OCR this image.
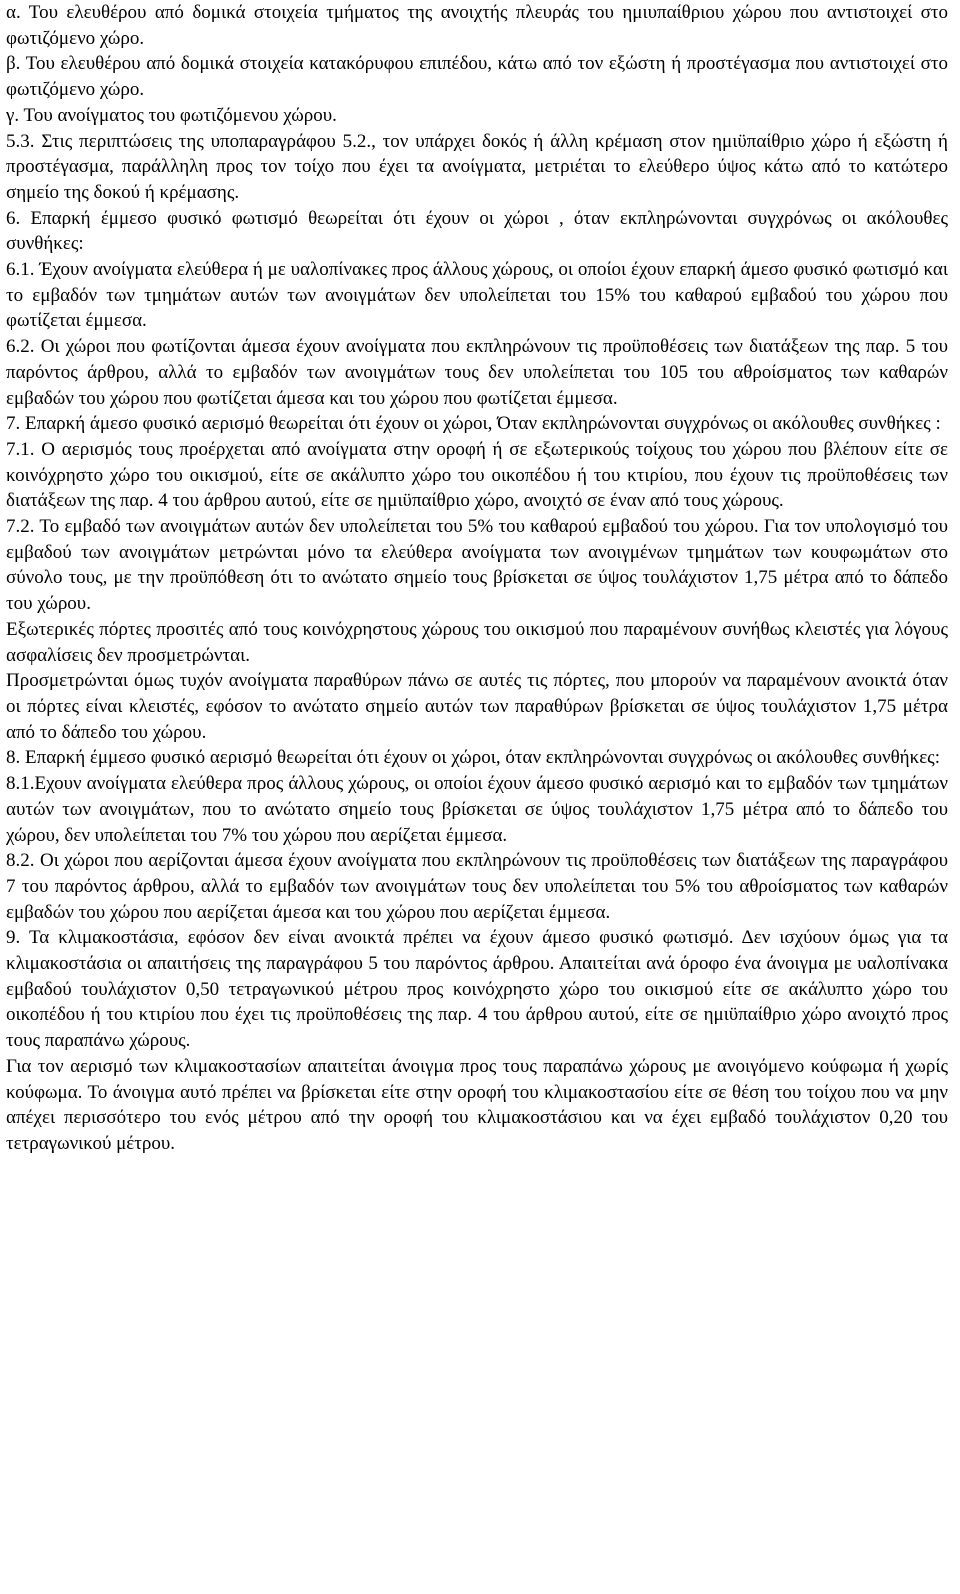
α. Του ελευθέρου από δομικά στοιχεία τμήματος της ανοιχτής πλευράς του ημιυπαίθριου χώρου που αντιστοιχεί στο φωτιζόμενο χώρο.

β. Του ελευθέρου από δομικά στοιχεία κατακόρυφου επιπέδου, κάτω από τον εξώστη ή προστέγασμα που αντιστοιχεί στο φωτιζόμενο χώρο.

γ. Του ανοίγματος του φωτιζόμενου χώρου.

5.3. Στις περιπτώσεις της υποπαραγράφου 5.2., τον υπάρχει δοκός ή άλλη κρέμαση στον ημιϋπαίθριο χώρο ή εξώστη ή προστέγασμα, παράλληλη προς τον τοίχο που έχει τα ανοίγματα, μετριέται το ελεύθερο ύψος κάτω από το κατώτερο σημείο της δοκού ή κρέμασης.

6. Επαρκή έμμεσο φυσικό φωτισμό θεωρείται ότι έχουν οι χώροι , όταν εκπληρώνονται συγχρόνως οι ακόλουθες συνθήκες:

6.1. Έχουν ανοίγματα ελεύθερα ή με υαλοπίνακες προς άλλους χώρους, οι οποίοι έχουν επαρκή άμεσο φυσικό φωτισμό και το εμβαδόν των τμημάτων αυτών των ανοιγμάτων δεν υπολείπεται του 15% του καθαρού εμβαδού του χώρου που φωτίζεται έμμεσα.

6.2. Οι χώροι που φωτίζονται άμεσα έχουν ανοίγματα που εκπληρώνουν τις προϋποθέσεις των διατάξεων της παρ. 5 του παρόντος άρθρου, αλλά το εμβαδόν των ανοιγμάτων τους δεν υπολείπεται του 105 του αθροίσματος των καθαρών εμβαδών του χώρου που φωτίζεται άμεσα και του χώρου που φωτίζεται έμμεσα.

7. Επαρκή άμεσο φυσικό αερισμό θεωρείται ότι έχουν οι χώροι, Όταν εκπληρώνονται συγχρόνως οι ακόλουθες συνθήκες :

7.1. Ο αερισμός τους προέρχεται από ανοίγματα στην οροφή ή σε εξωτερικούς τοίχους του χώρου που βλέπουν είτε σε κοινόχρηστο χώρο του οικισμού, είτε σε ακάλυπτο χώρο του οικοπέδου ή του κτιρίου, που έχουν τις προϋποθέσεις των διατάξεων της παρ. 4 του άρθρου αυτού, είτε σε ημιϋπαίθριο χώρο, ανοιχτό σε έναν από τους χώρους.

7.2. Το εμβαδό των ανοιγμάτων αυτών δεν υπολείπεται του 5% του καθαρού εμβαδού του χώρου. Για τον υπολογισμό του εμβαδού των ανοιγμάτων μετρώνται μόνο τα ελεύθερα ανοίγματα των ανοιγμένων τμημάτων των κουφωμάτων στο σύνολο τους, με την προϋπόθεση ότι το ανώτατο σημείο τους βρίσκεται σε ύψος τουλάχιστον 1,75 μέτρα από το δάπεδο του χώρου.

Εξωτερικές πόρτες προσιτές από τους κοινόχρηστους χώρους του οικισμού που παραμένουν συνήθως κλειστές για λόγους ασφαλίσεις δεν προσμετρώνται.

Προσμετρώνται όμως τυχόν ανοίγματα παραθύρων πάνω σε αυτές τις πόρτες, που μπορούν να παραμένουν ανοικτά όταν οι πόρτες είναι κλειστές, εφόσον το ανώτατο σημείο αυτών των παραθύρων βρίσκεται σε ύψος τουλάχιστον 1,75 μέτρα από το δάπεδο του χώρου.

8. Επαρκή έμμεσο φυσικό αερισμό θεωρείται ότι έχουν οι χώροι, όταν εκπληρώνονται συγχρόνως οι ακόλουθες συνθήκες:

8.1.Εχουν ανοίγματα ελεύθερα προς άλλους χώρους, οι οποίοι έχουν άμεσο φυσικό αερισμό και το εμβαδόν των τμημάτων αυτών των ανοιγμάτων, που το ανώτατο σημείο τους βρίσκεται σε ύψος τουλάχιστον 1,75 μέτρα από το δάπεδο του χώρου, δεν υπολείπεται του 7% του χώρου που αερίζεται έμμεσα.

8.2. Οι χώροι που αερίζονται άμεσα έχουν ανοίγματα που εκπληρώνουν τις προϋποθέσεις των διατάξεων της παραγράφου 7 του παρόντος άρθρου, αλλά το εμβαδόν των ανοιγμάτων τους δεν υπολείπεται του 5% του αθροίσματος των καθαρών εμβαδών του χώρου που αερίζεται άμεσα και του χώρου που αερίζεται έμμεσα.

9. Τα κλιμακοστάσια, εφόσον δεν είναι ανοικτά πρέπει να έχουν άμεσο φυσικό φωτισμό. Δεν ισχύουν όμως για τα κλιμακοστάσια οι απαιτήσεις της παραγράφου 5 του παρόντος άρθρου. Απαιτείται ανά όροφο ένα άνοιγμα με υαλοπίνακα εμβαδού τουλάχιστον 0,50 τετραγωνικού μέτρου προς κοινόχρηστο χώρο του οικισμού είτε σε ακάλυπτο χώρο του οικοπέδου ή του κτιρίου που έχει τις προϋποθέσεις της παρ. 4 του άρθρου αυτού, είτε σε ημιϋπαίθριο χώρο ανοιχτό προς τους παραπάνω χώρους.

Για τον αερισμό των κλιμακοστασίων απαιτείται άνοιγμα προς τους παραπάνω χώρους με ανοιγόμενο κούφωμα ή χωρίς κούφωμα. Το άνοιγμα αυτό πρέπει να βρίσκεται είτε στην οροφή του κλιμακοστασίου είτε σε θέση του τοίχου που να μην απέχει περισσότερο του ενός μέτρου από την οροφή του κλιμακοστάσιου και να έχει εμβαδό τουλάχιστον 0,20 του τετραγωνικού μέτρου.
